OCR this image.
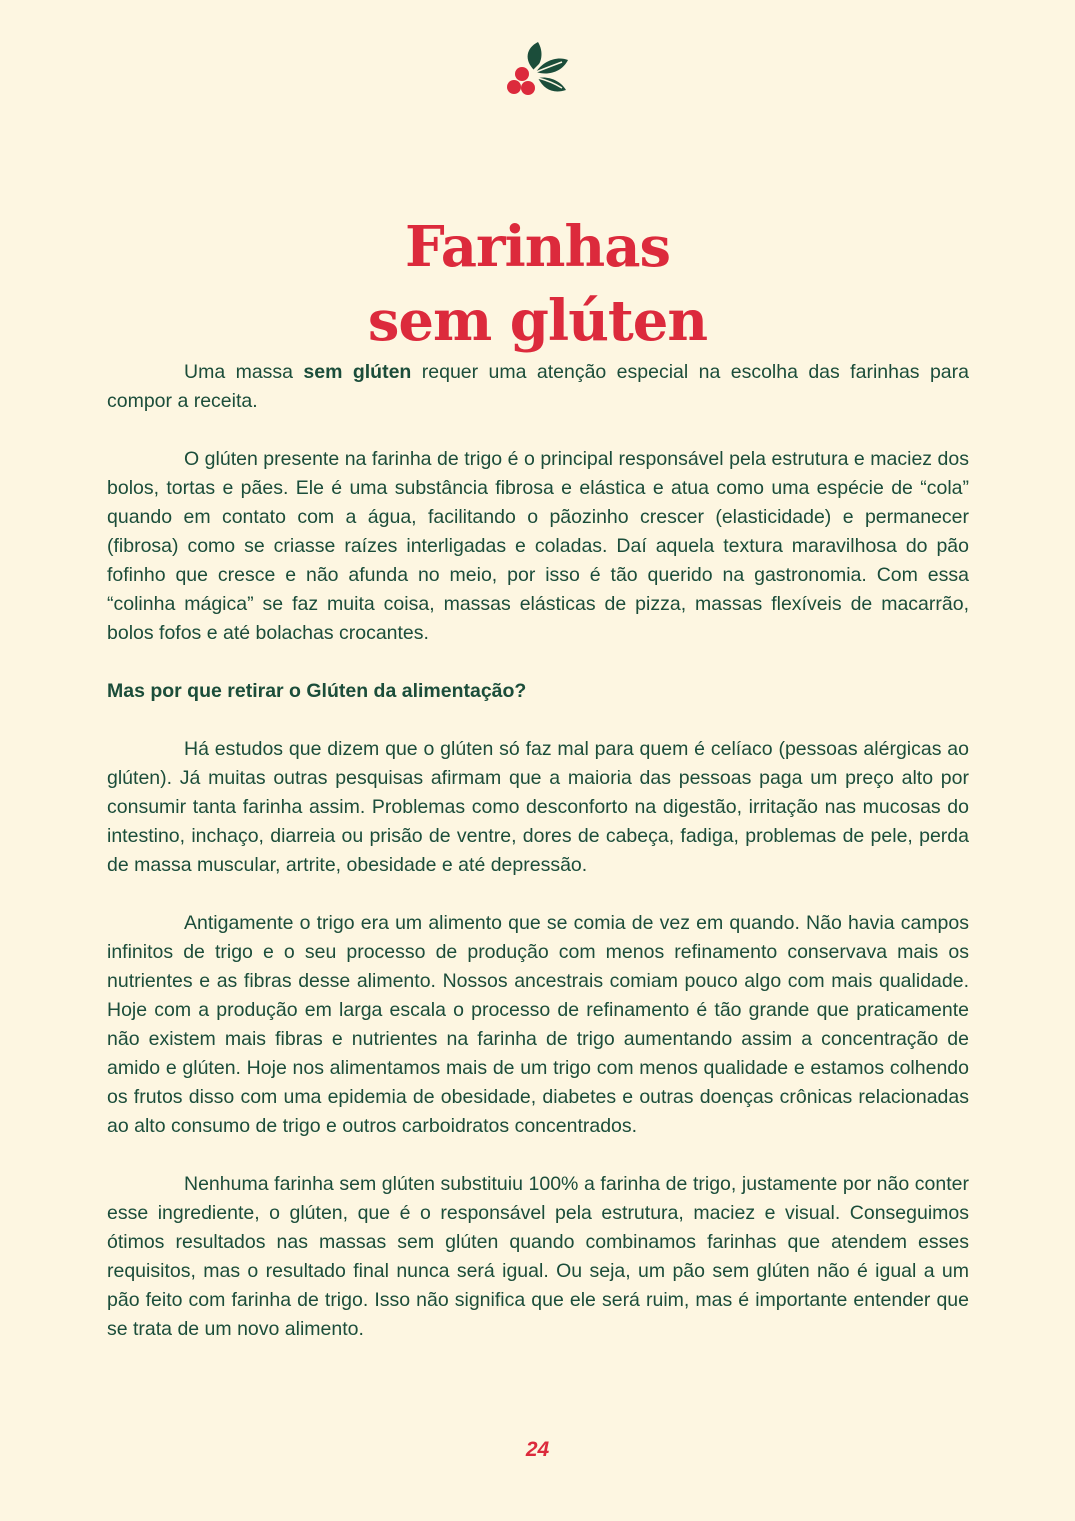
Farinhas
sem glúten

Uma massa sem glúten requer uma atenção especial na escolha das farinhas para compor a receita.

O glúten presente na farinha de trigo é o principal responsável pela estrutura e maciez dos bolos, tortas e pães. Ele é uma substância fibrosa e elástica e atua como uma espécie de “cola” quando em contato com a água, facilitando o pãozinho crescer (elasticidade) e permanecer (fibrosa) como se criasse raízes interligadas e coladas. Daí aquela textura maravilhosa do pão fofinho que cresce e não afunda no meio, por isso é tão querido na gastronomia. Com essa “colinha mágica” se faz muita coisa, massas elásticas de pizza, massas flexíveis de macarrão, bolos fofos e até bolachas crocantes.

Mas por que retirar o Glúten da alimentação?

Há estudos que dizem que o glúten só faz mal para quem é celíaco (pessoas alérgicas ao glúten). Já muitas outras pesquisas afirmam que a maioria das pessoas paga um preço alto por consumir tanta farinha assim. Problemas como desconforto na digestão, irritação nas mucosas do intestino, inchaço, diarreia ou prisão de ventre, dores de cabeça, fadiga, problemas de pele, perda de massa muscular, artrite, obesidade e até depressão.

Antigamente o trigo era um alimento que se comia de vez em quando. Não havia campos infinitos de trigo e o seu processo de produção com menos refinamento conservava mais os nutrientes e as fibras desse alimento. Nossos ancestrais comiam pouco algo com mais qualidade. Hoje com a produção em larga escala o processo de refinamento é tão grande que praticamente não existem mais fibras e nutrientes na farinha de trigo aumentando assim a concentração de amido e glúten. Hoje nos alimentamos mais de um trigo com menos qualidade e estamos colhendo os frutos disso com uma epidemia de obesidade, diabetes e outras doenças crônicas relacionadas ao alto consumo de trigo e outros carboidratos concentrados.

Nenhuma farinha sem glúten substituiu 100% a farinha de trigo, justamente por não conter esse ingrediente, o glúten, que é o responsável pela estrutura, maciez e visual. Conseguimos ótimos resultados nas massas sem glúten quando combinamos farinhas que atendem esses requisitos, mas o resultado final nunca será igual. Ou seja, um pão sem glúten não é igual a um pão feito com farinha de trigo. Isso não significa que ele será ruim, mas é importante entender que se trata de um novo alimento.

24
